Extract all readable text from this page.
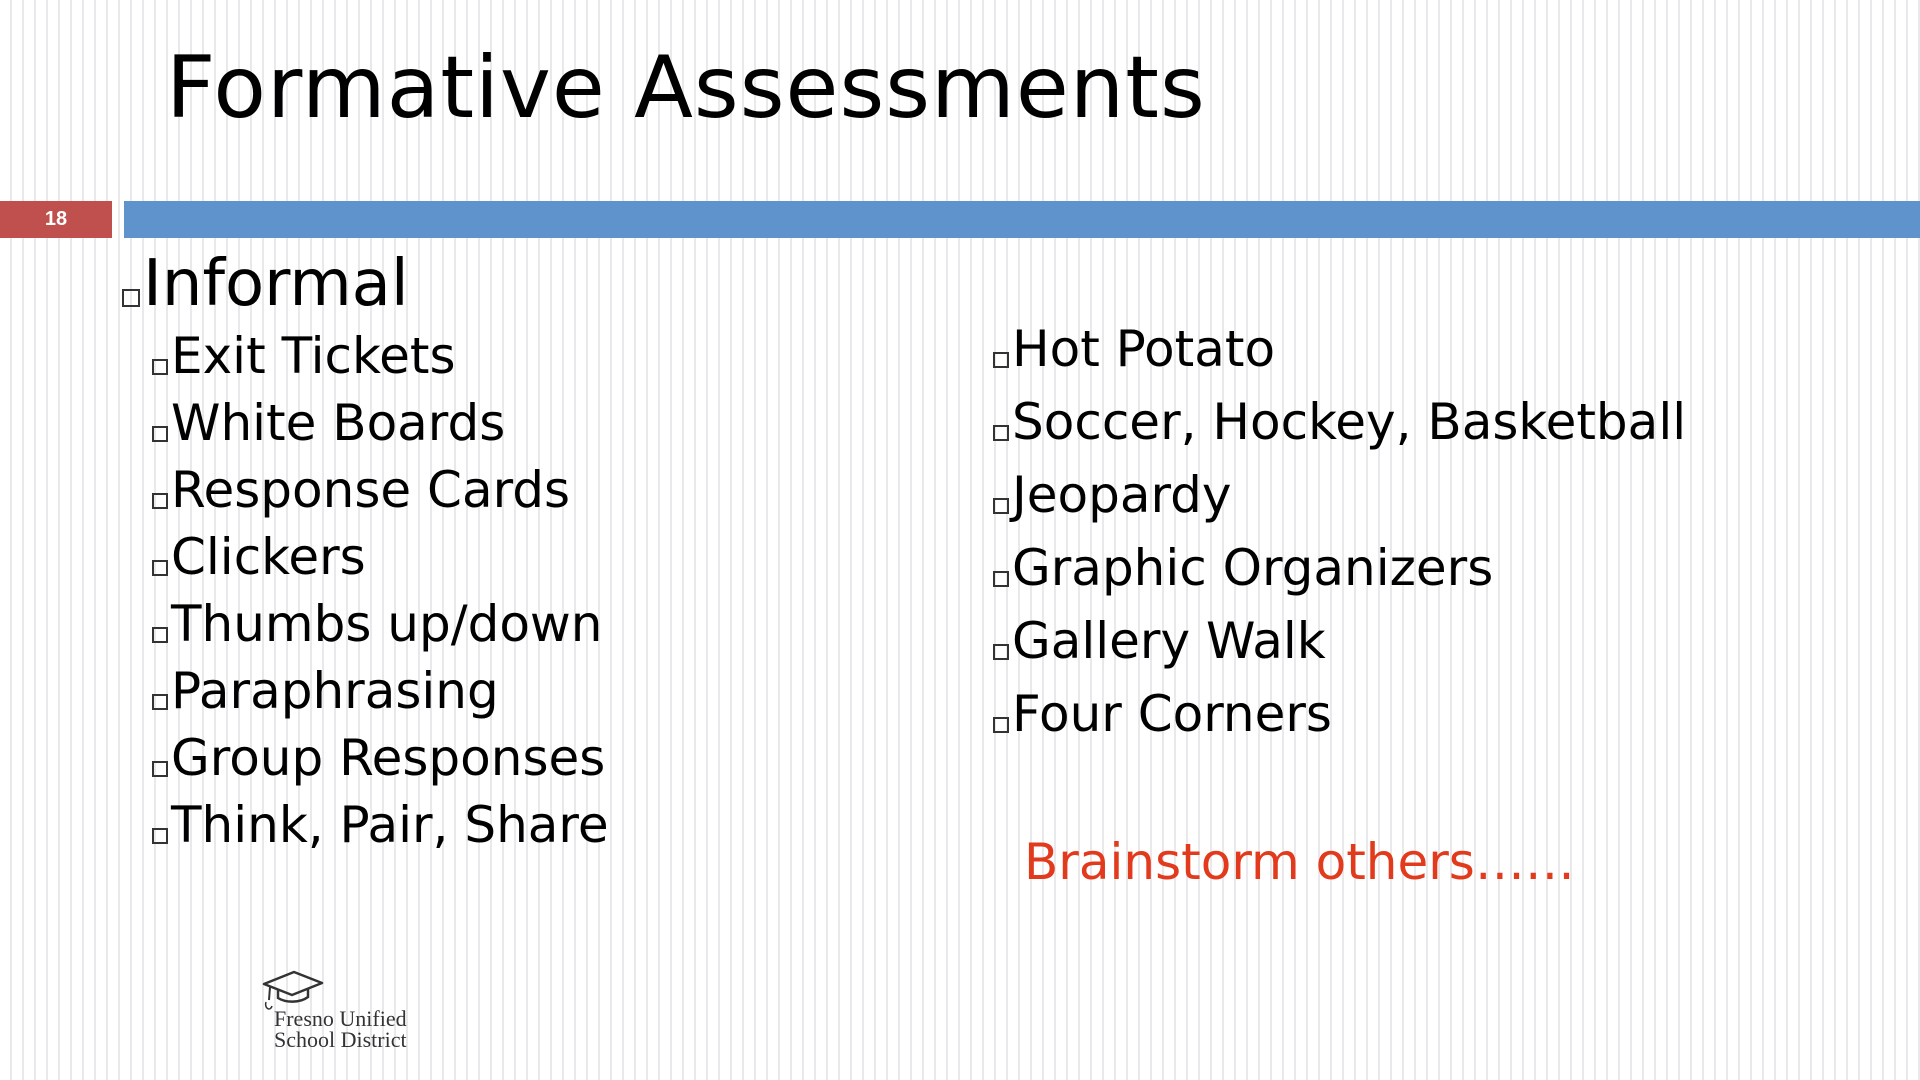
Formative Assessments
18
Informal
Exit Tickets
White Boards
Response Cards
Clickers
Thumbs up/down
Paraphrasing
Group Responses
Think, Pair, Share
Hot Potato
Soccer, Hockey, Basketball
Jeopardy
Graphic Organizers
Gallery Walk
Four Corners
Brainstorm others……
Fresno Unified
School District
